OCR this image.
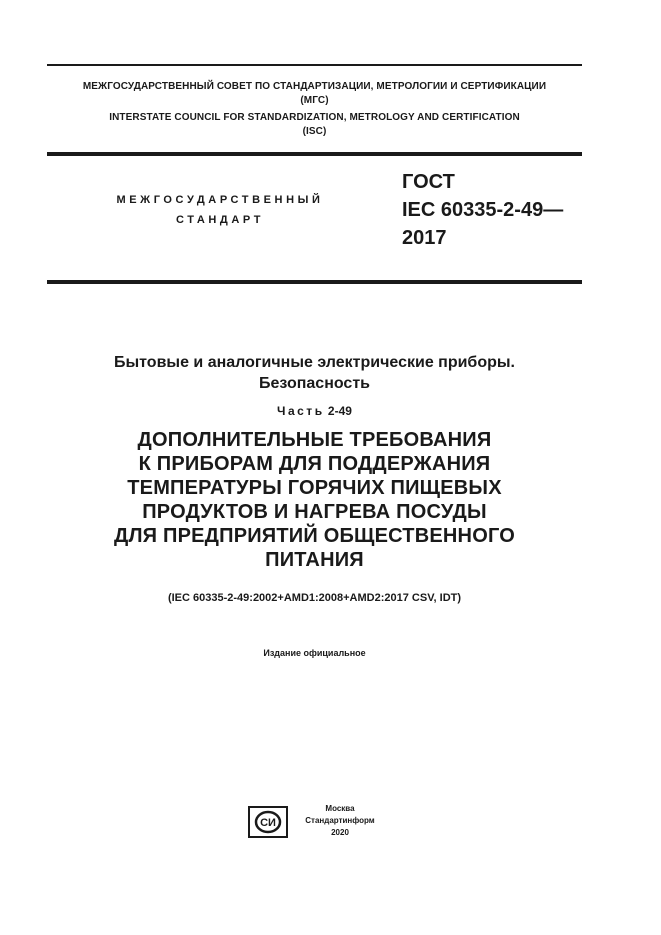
МЕЖГОСУДАРСТВЕННЫЙ СОВЕТ ПО СТАНДАРТИЗАЦИИ, МЕТРОЛОГИИ И СЕРТИФИКАЦИИ
(МГС)
INTERSTATE COUNCIL FOR STANDARDIZATION, METROLOGY AND CERTIFICATION
(ISC)
МЕЖГОСУДАРСТВЕННЫЙ
СТАНДАРТ
ГОСТ
IEC 60335-2-49—
2017
Бытовые и аналогичные электрические приборы.
Безопасность
Часть 2-49
ДОПОЛНИТЕЛЬНЫЕ ТРЕБОВАНИЯ
К ПРИБОРАМ ДЛЯ ПОДДЕРЖАНИЯ
ТЕМПЕРАТУРЫ ГОРЯЧИХ ПИЩЕВЫХ
ПРОДУКТОВ И НАГРЕВА ПОСУДЫ
ДЛЯ ПРЕДПРИЯТИЙ ОБЩЕСТВЕННОГО
ПИТАНИЯ
(IEC 60335-2-49:2002+AMD1:2008+AMD2:2017 CSV, IDT)
Издание официальное
СИ
Москва
Стандартинформ
2020
